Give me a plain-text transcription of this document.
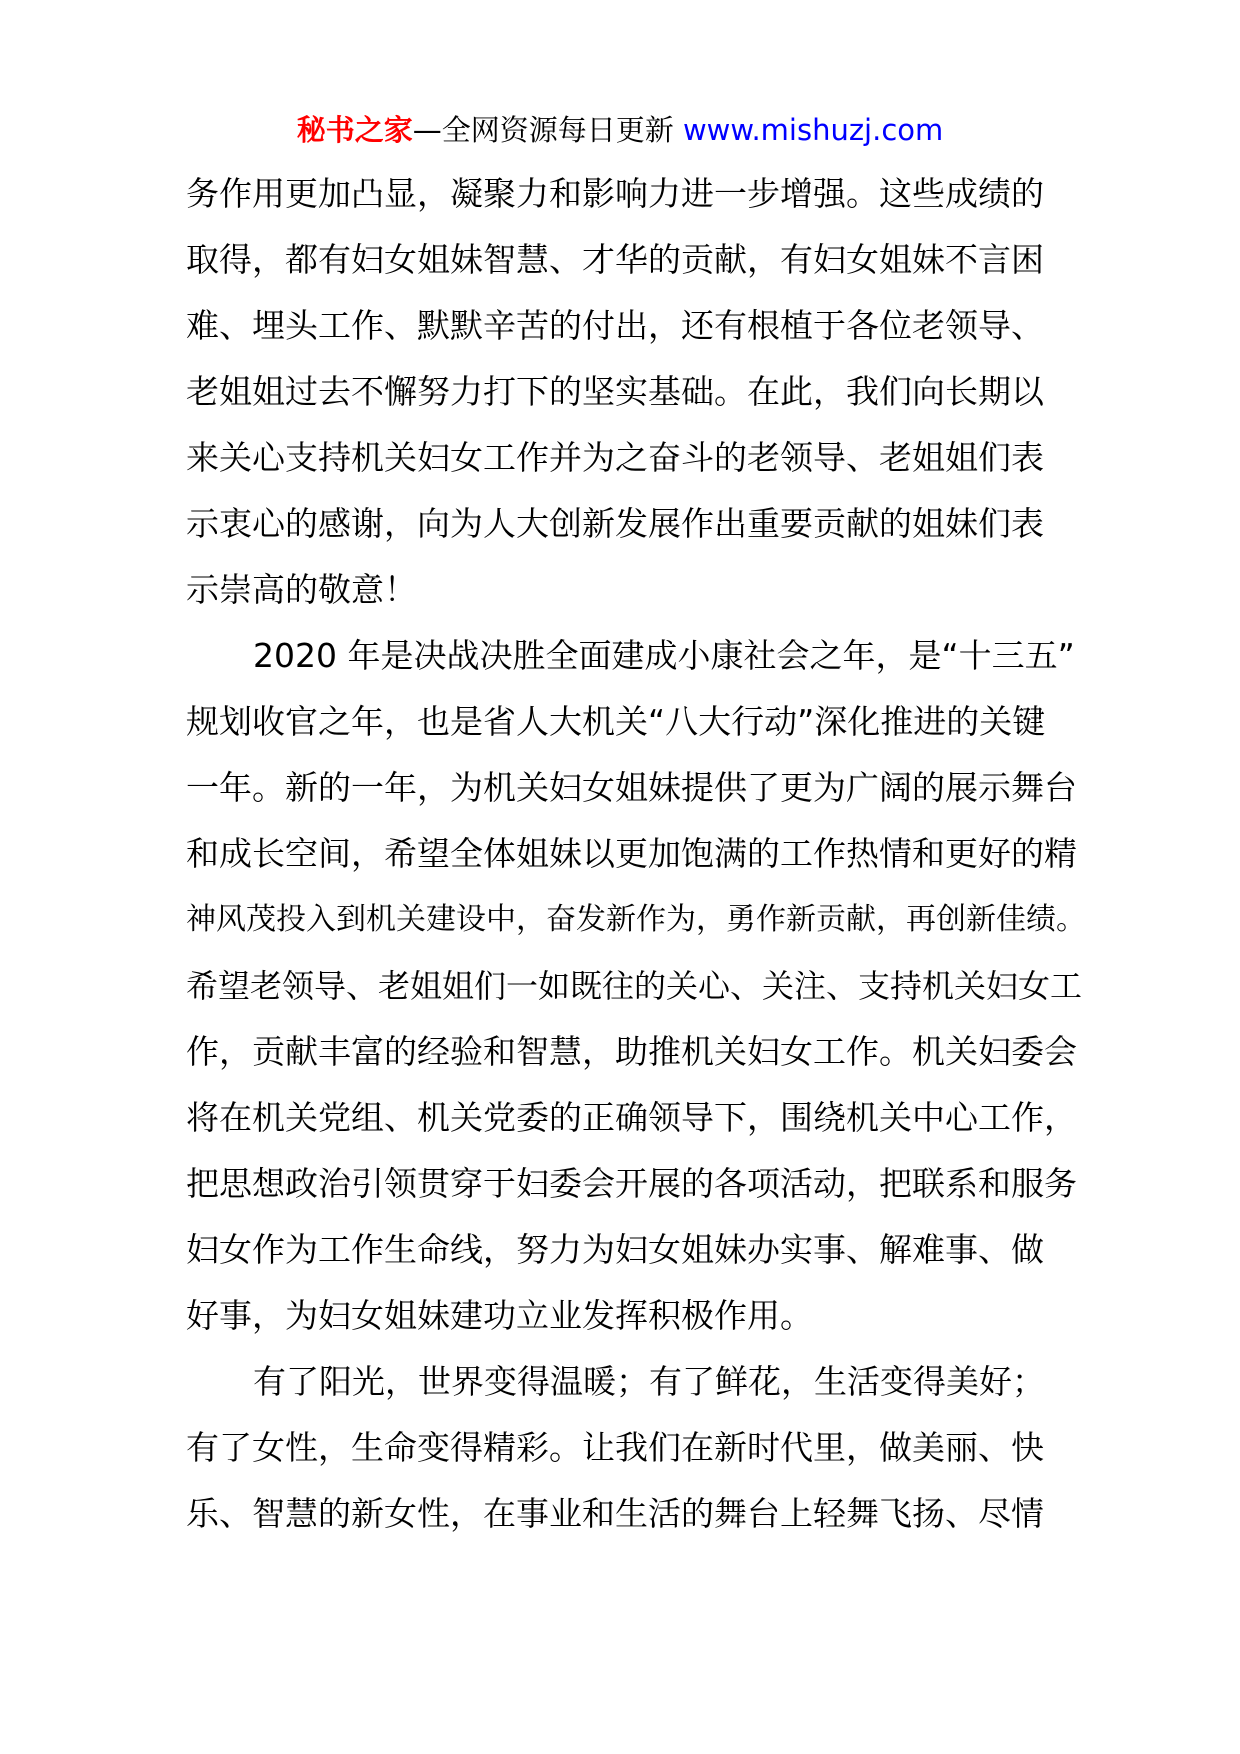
秘书之家—全网资源每日更新 www.mishuzj.com
务作用更加凸显，凝聚力和影响力进一步增强。这些成绩的
取得，都有妇女姐妹智慧、才华的贡献，有妇女姐妹不言困
难、埋头工作、默默辛苦的付出，还有根植于各位老领导、
老姐姐过去不懈努力打下的坚实基础。在此，我们向长期以
来关心支持机关妇女工作并为之奋斗的老领导、老姐姐们表
示衷心的感谢，向为人大创新发展作出重要贡献的姐妹们表
示崇高的敬意！
2020 年是决战决胜全面建成小康社会之年，是“十三五”
规划收官之年，也是省人大机关“八大行动”深化推进的关键
一年。新的一年，为机关妇女姐妹提供了更为广阔的展示舞台
和成长空间，希望全体姐妹以更加饱满的工作热情和更好的精
神风茂投入到机关建设中，奋发新作为，勇作新贡献，再创新佳绩。
希望老领导、老姐姐们一如既往的关心、关注、支持机关妇女工
作，贡献丰富的经验和智慧，助推机关妇女工作。机关妇委会
将在机关党组、机关党委的正确领导下，围绕机关中心工作，
把思想政治引领贯穿于妇委会开展的各项活动，把联系和服务
妇女作为工作生命线，努力为妇女姐妹办实事、解难事、做
好事，为妇女姐妹建功立业发挥积极作用。
有了阳光，世界变得温暖；有了鲜花，生活变得美好；
有了女性，生命变得精彩。让我们在新时代里，做美丽、快
乐、智慧的新女性，在事业和生活的舞台上轻舞飞扬、尽情
